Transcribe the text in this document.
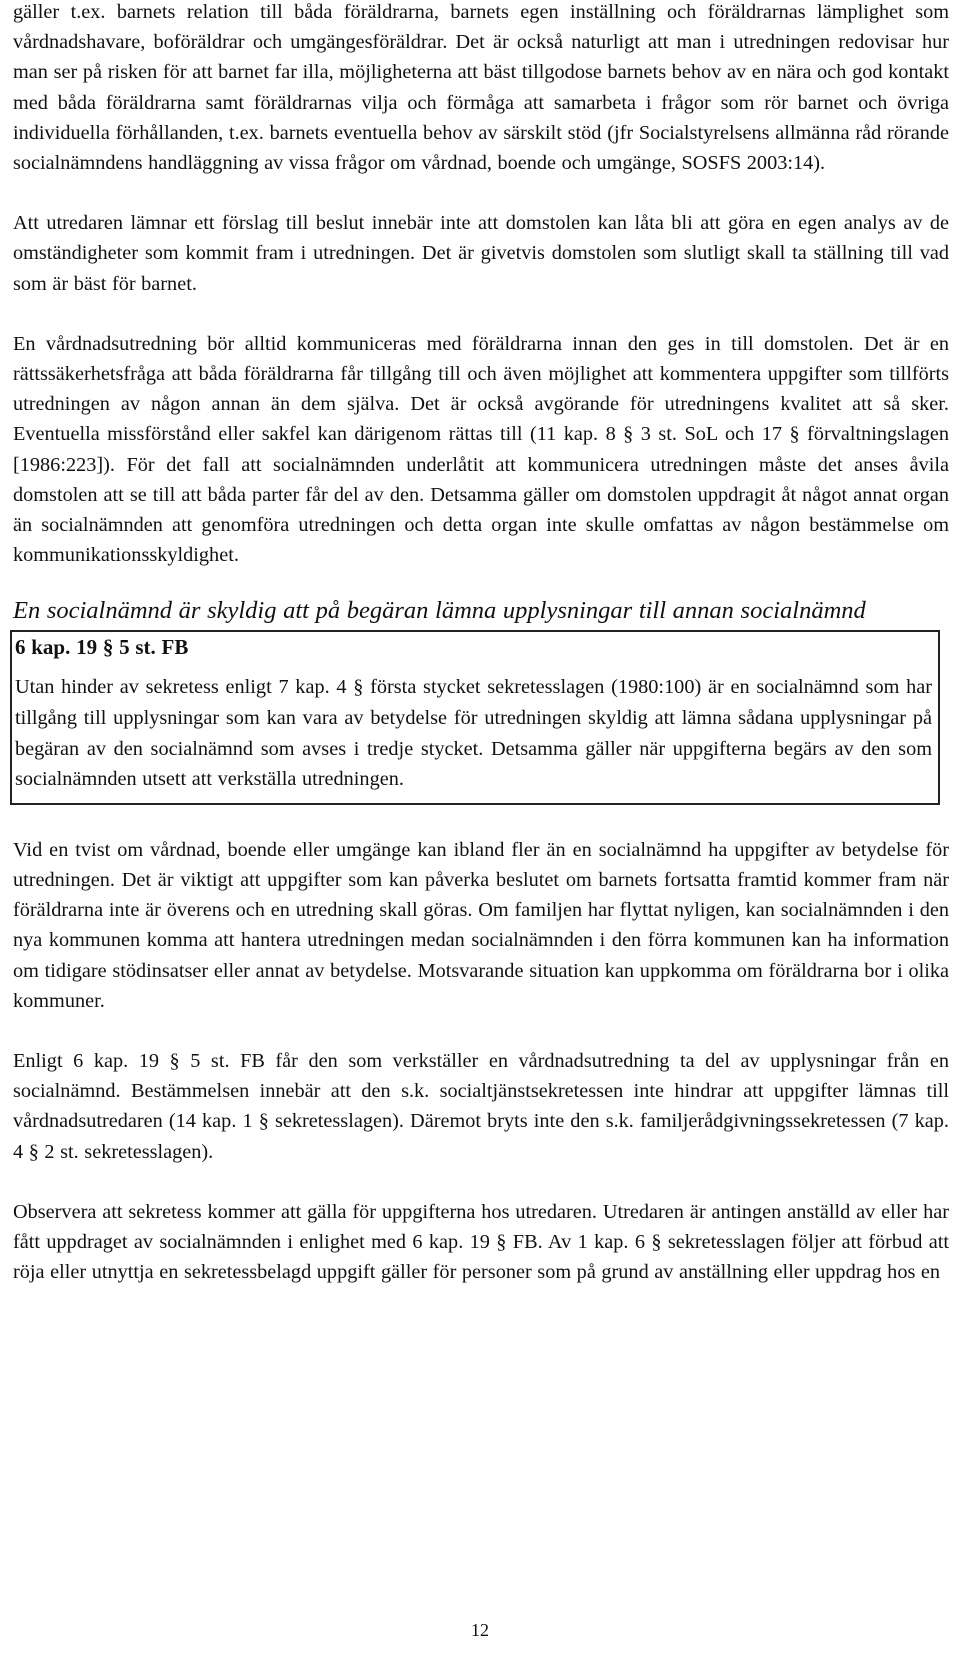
gäller t.ex. barnets relation till båda föräldrarna, barnets egen inställning och föräldrarnas lämplighet som vårdnadshavare, boföräldrar och umgängesföräldrar. Det är också naturligt att man i utredningen redovisar hur man ser på risken för att barnet far illa, möjligheterna att bäst tillgodose barnets behov av en nära och god kontakt med båda föräldrarna samt föräldrarnas vilja och förmåga att samarbeta i frågor som rör barnet och övriga individuella förhållanden, t.ex. barnets eventuella behov av särskilt stöd (jfr Socialstyrelsens allmänna råd rörande socialnämndens handläggning av vissa frågor om vårdnad, boende och umgänge, SOSFS 2003:14).

Att utredaren lämnar ett förslag till beslut innebär inte att domstolen kan låta bli att göra en egen analys av de omständigheter som kommit fram i utredningen. Det är givetvis domstolen som slutligt skall ta ställning till vad som är bäst för barnet.

En vårdnadsutredning bör alltid kommuniceras med föräldrarna innan den ges in till domstolen. Det är en rättssäkerhetsfråga att båda föräldrarna får tillgång till och även möjlighet att kommentera uppgifter som tillförts utredningen av någon annan än dem själva. Det är också avgörande för utredningens kvalitet att så sker. Eventuella missförstånd eller sakfel kan därigenom rättas till (11 kap. 8 § 3 st. SoL och 17 § förvaltningslagen [1986:223]). För det fall att socialnämnden underlåtit att kommunicera utredningen måste det anses åvila domstolen att se till att båda parter får del av den. Detsamma gäller om domstolen uppdragit åt något annat organ än socialnämnden att genomföra utredningen och detta organ inte skulle omfattas av någon bestämmelse om kommunikationsskyldighet.

En socialnämnd är skyldig att på begäran lämna upplysningar till annan socialnämnd

6 kap. 19 § 5 st. FB

Utan hinder av sekretess enligt 7 kap. 4 § första stycket sekretesslagen (1980:100) är en socialnämnd som har tillgång till upplysningar som kan vara av betydelse för utredningen skyldig att lämna sådana upplysningar på begäran av den socialnämnd som avses i tredje stycket. Detsamma gäller när uppgifterna begärs av den som socialnämnden utsett att verkställa utredningen.

Vid en tvist om vårdnad, boende eller umgänge kan ibland fler än en socialnämnd ha uppgifter av betydelse för utredningen. Det är viktigt att uppgifter som kan påverka beslutet om barnets fortsatta framtid kommer fram när föräldrarna inte är överens och en utredning skall göras. Om familjen har flyttat nyligen, kan socialnämnden i den nya kommunen komma att hantera utredningen medan socialnämnden i den förra kommunen kan ha information om tidigare stödinsatser eller annat av betydelse. Motsvarande situation kan uppkomma om föräldrarna bor i olika kommuner.

Enligt 6 kap. 19 § 5 st. FB får den som verkställer en vårdnadsutredning ta del av upplysningar från en socialnämnd. Bestämmelsen innebär att den s.k. socialtjänstsekretessen inte hindrar att uppgifter lämnas till vårdnadsutredaren (14 kap. 1 § sekretesslagen). Däremot bryts inte den s.k. familjerådgivningssekretessen (7 kap. 4 § 2 st. sekretesslagen).

Observera att sekretess kommer att gälla för uppgifterna hos utredaren. Utredaren är antingen anställd av eller har fått uppdraget av socialnämnden i enlighet med 6 kap. 19 § FB. Av 1 kap. 6 § sekretesslagen följer att förbud att röja eller utnyttja en sekretessbelagd uppgift gäller för personer som på grund av anställning eller uppdrag hos en

12
